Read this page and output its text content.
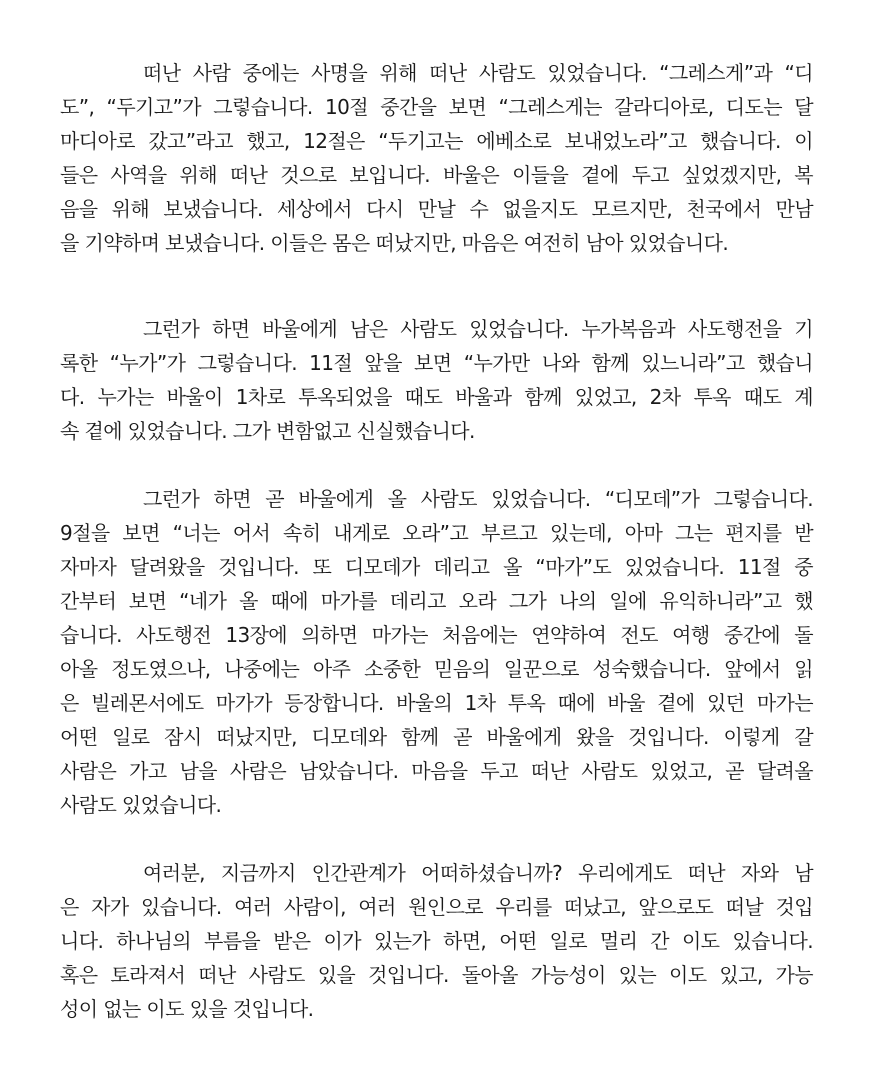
떠난 사람 중에는 사명을 위해 떠난 사람도 있었습니다. “그레스게”과 “디
도”, “두기고”가 그렇습니다. 10절 중간을 보면 “그레스게는 갈라디아로, 디도는 달
마디아로 갔고”라고 했고, 12절은 “두기고는 에베소로 보내었노라”고 했습니다. 이
들은 사역을 위해 떠난 것으로 보입니다. 바울은 이들을 곁에 두고 싶었겠지만, 복
음을 위해 보냈습니다. 세상에서 다시 만날 수 없을지도 모르지만, 천국에서 만남
을 기약하며 보냈습니다. 이들은 몸은 떠났지만, 마음은 여전히 남아 있었습니다.

그런가 하면 바울에게 남은 사람도 있었습니다. 누가복음과 사도행전을 기
록한 “누가”가 그렇습니다. 11절 앞을 보면 “누가만 나와 함께 있느니라”고 했습니
다. 누가는 바울이 1차로 투옥되었을 때도 바울과 함께 있었고, 2차 투옥 때도 계
속 곁에 있었습니다. 그가 변함없고 신실했습니다.

그런가 하면 곧 바울에게 올 사람도 있었습니다. “디모데”가 그렇습니다.
9절을 보면 “너는 어서 속히 내게로 오라”고 부르고 있는데, 아마 그는 편지를 받
자마자 달려왔을 것입니다. 또 디모데가 데리고 올 “마가”도 있었습니다. 11절 중
간부터 보면 “네가 올 때에 마가를 데리고 오라 그가 나의 일에 유익하니라”고 했
습니다. 사도행전 13장에 의하면 마가는 처음에는 연약하여 전도 여행 중간에 돌
아올 정도였으나, 나중에는 아주 소중한 믿음의 일꾼으로 성숙했습니다. 앞에서 읽
은 빌레몬서에도 마가가 등장합니다. 바울의 1차 투옥 때에 바울 곁에 있던 마가는
어떤 일로 잠시 떠났지만, 디모데와 함께 곧 바울에게 왔을 것입니다. 이렇게 갈
사람은 가고 남을 사람은 남았습니다. 마음을 두고 떠난 사람도 있었고, 곧 달려올
사람도 있었습니다.

여러분, 지금까지 인간관계가 어떠하셨습니까? 우리에게도 떠난 자와 남
은 자가 있습니다. 여러 사람이, 여러 원인으로 우리를 떠났고, 앞으로도 떠날 것입
니다. 하나님의 부름을 받은 이가 있는가 하면, 어떤 일로 멀리 간 이도 있습니다.
혹은 토라져서 떠난 사람도 있을 것입니다. 돌아올 가능성이 있는 이도 있고, 가능
성이 없는 이도 있을 것입니다.
